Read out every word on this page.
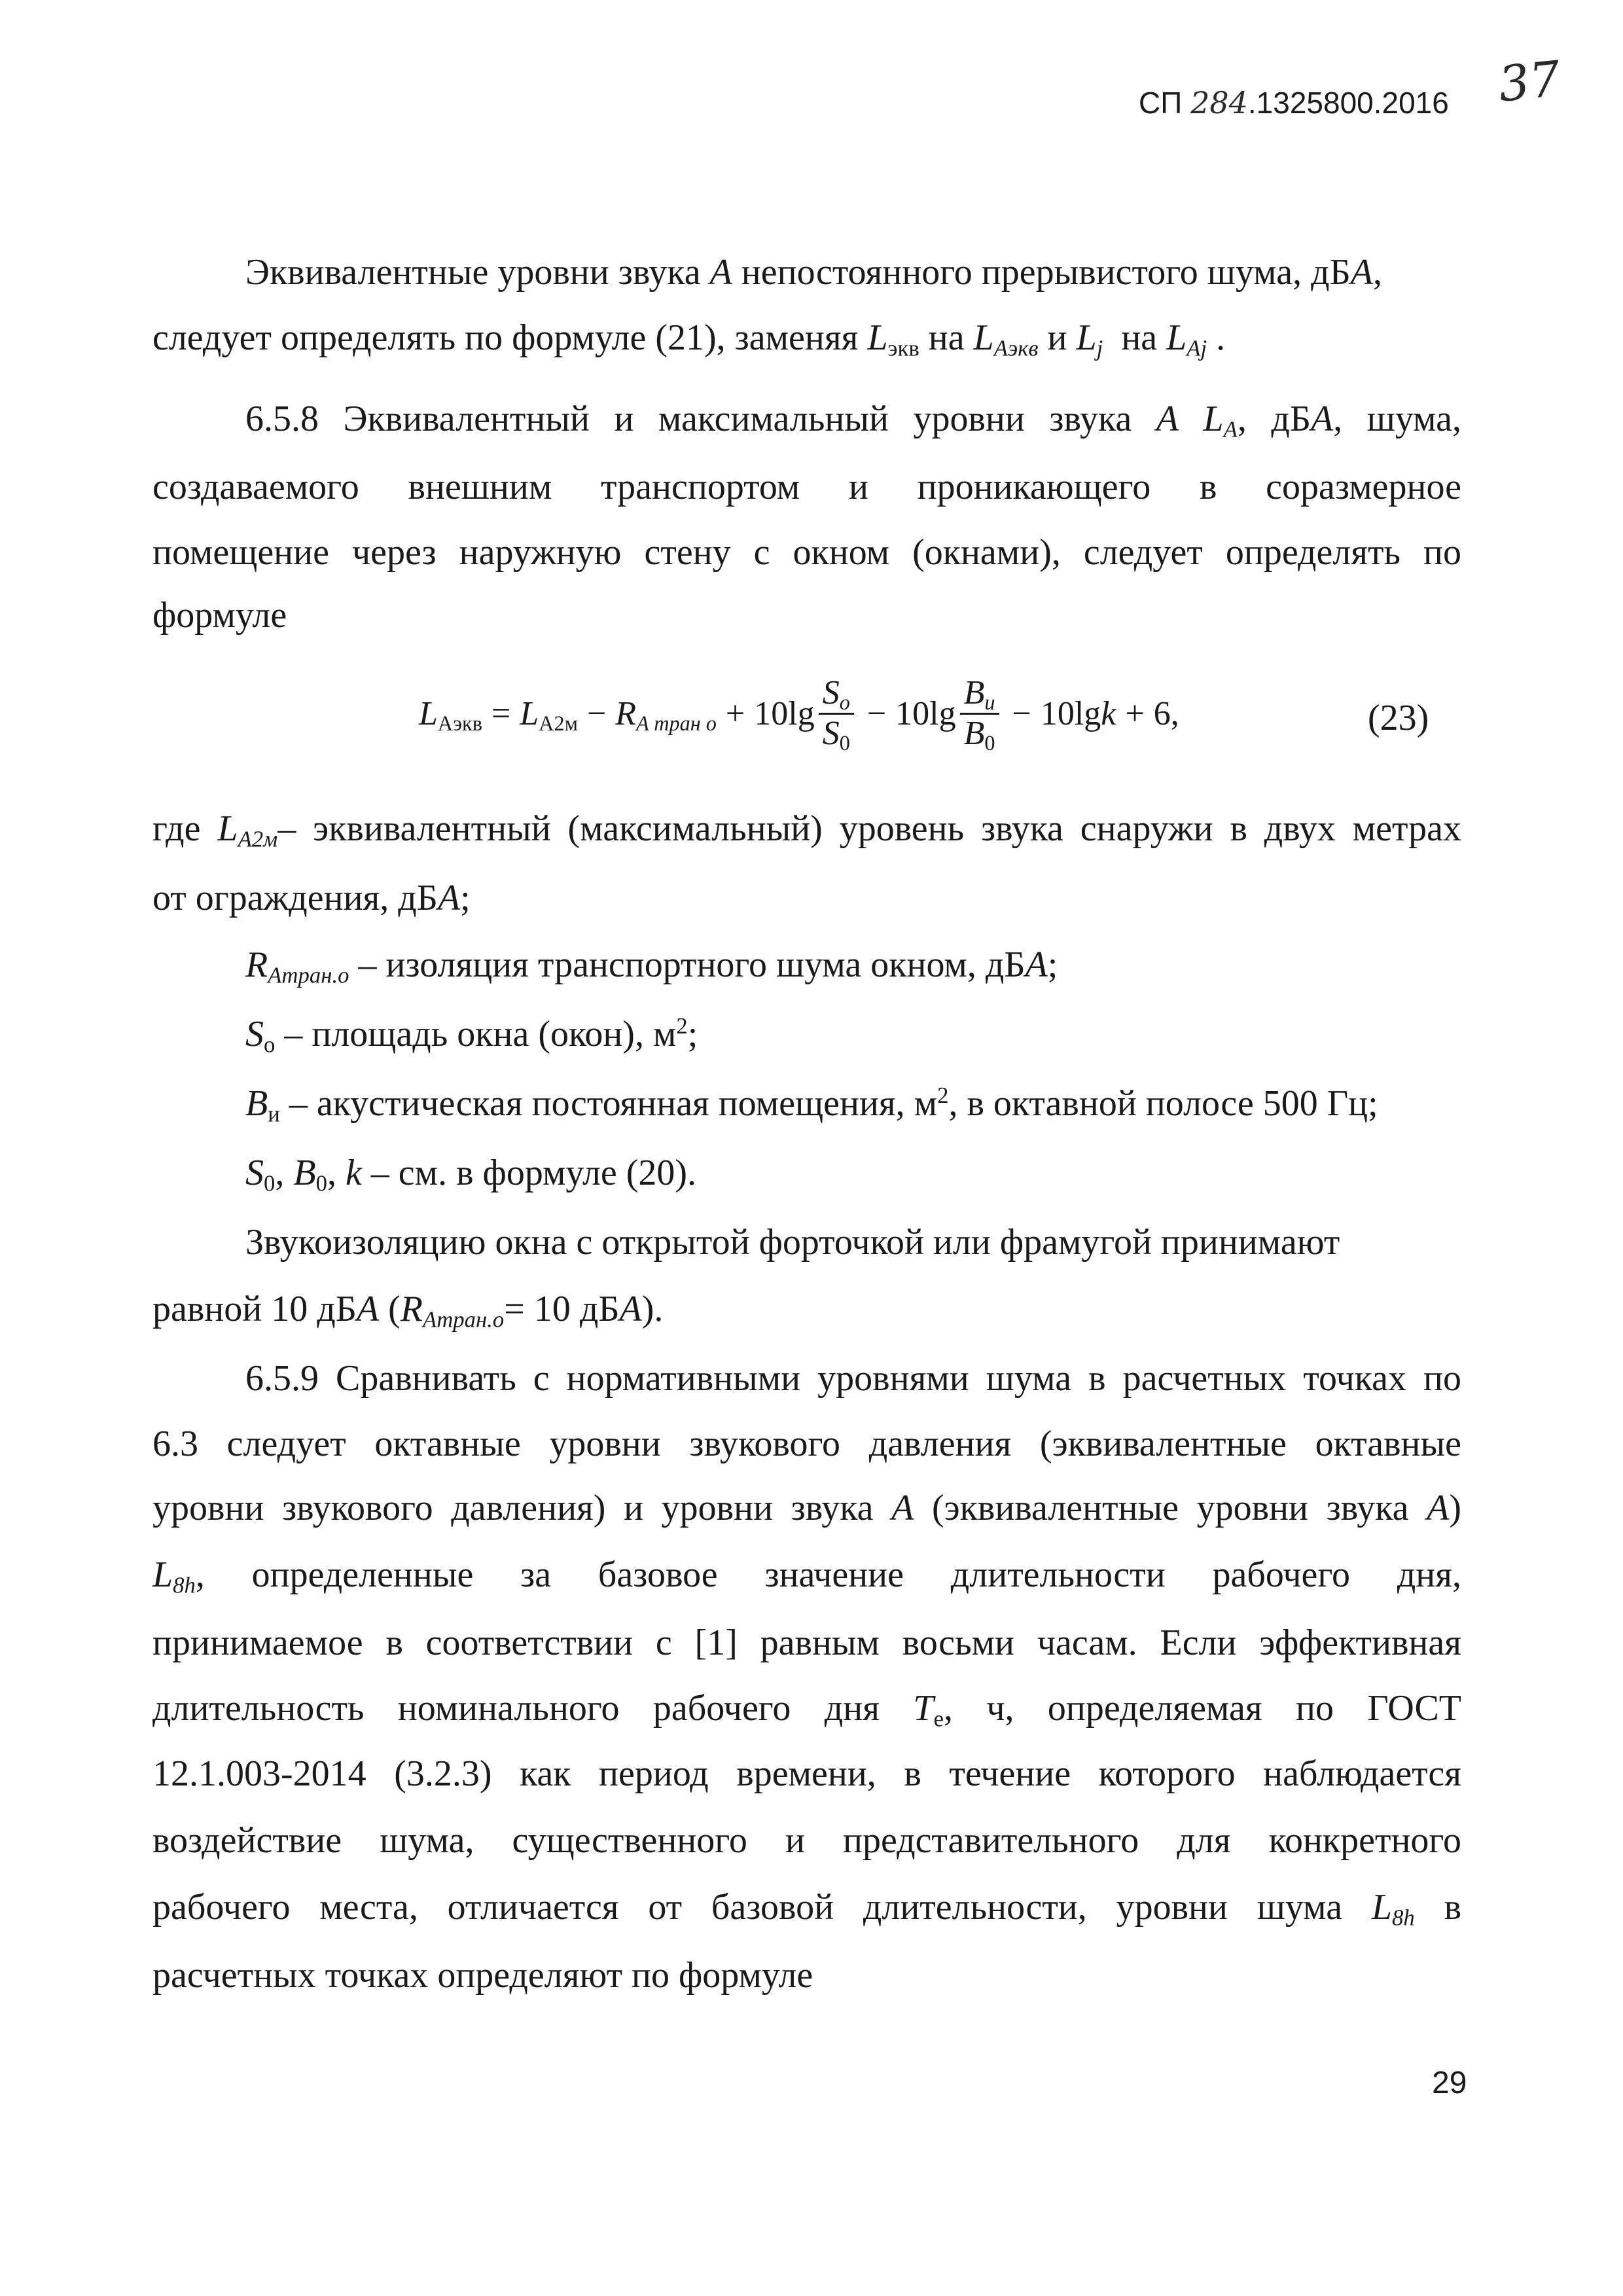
СП 284.1325800.2016 37
Эквивалентные уровни звука A непостоянного прерывистого шума, дБA,
следует определять по формуле (21), заменяя $L_{экв}$ на $L_{Aэкв}$ и $L_j$ на $L_{Aj}$ .
6.5.8 Эквивалентный и максимальный уровни звука A $L_A$, дБA, шума,
создаваемого внешним транспортом и проникающего в соразмерное
помещение через наружную стену с окном (окнами), следует определять по
формуле
$L_{Aэкв} = L_{A2м} - R_{A тран о} + 10\lg \frac{S_о}{S_0} - 10\lg \frac{B_и}{B_0} - 10\lg$ k + 6 ,	(23)
где $L_{A2м}-$ эквивалентный (максимальный) уровень звука снаружи в двух метрах
от ограждения, дБA;
$R_{Aтран.о}$ – изоляция транспортного шума окном, дБA;
$S_о$ – площадь окна (окон), $м^2$;
$B_и$ – акустическая постоянная помещения, $м^2$, в октавной полосе 500 Гц;
$S_0$, $B_0$, k – см. в формуле (20).
Звукоизоляцию окна с открытой форточкой или фрамугой принимают
равной 10 дБA ($R_{Aтран.о}= 10$ дБA).
6.5.9 Сравнивать с нормативными уровнями шума в расчетных точках по
6.3 следует октавные уровни звукового давления (эквивалентные октавные
уровни звукового давления) и уровни звука A (эквивалентные уровни звука A)
$L_{8h}$, определенные за базовое значение длительности рабочего дня,
принимаемое в соответствии с [1] равным восьми часам. Если эффективная
длительность номинального рабочего дня $T_e$, ч, определяемая по ГОСТ
12.1.003-2014 (3.2.3) как период времени, в течение которого наблюдается
воздействие шума, существенного и представительного для конкретного
рабочего места, отличается от базовой длительности, уровни шума $L_{8h}$ в
расчетных точках определяют по формуле
29
